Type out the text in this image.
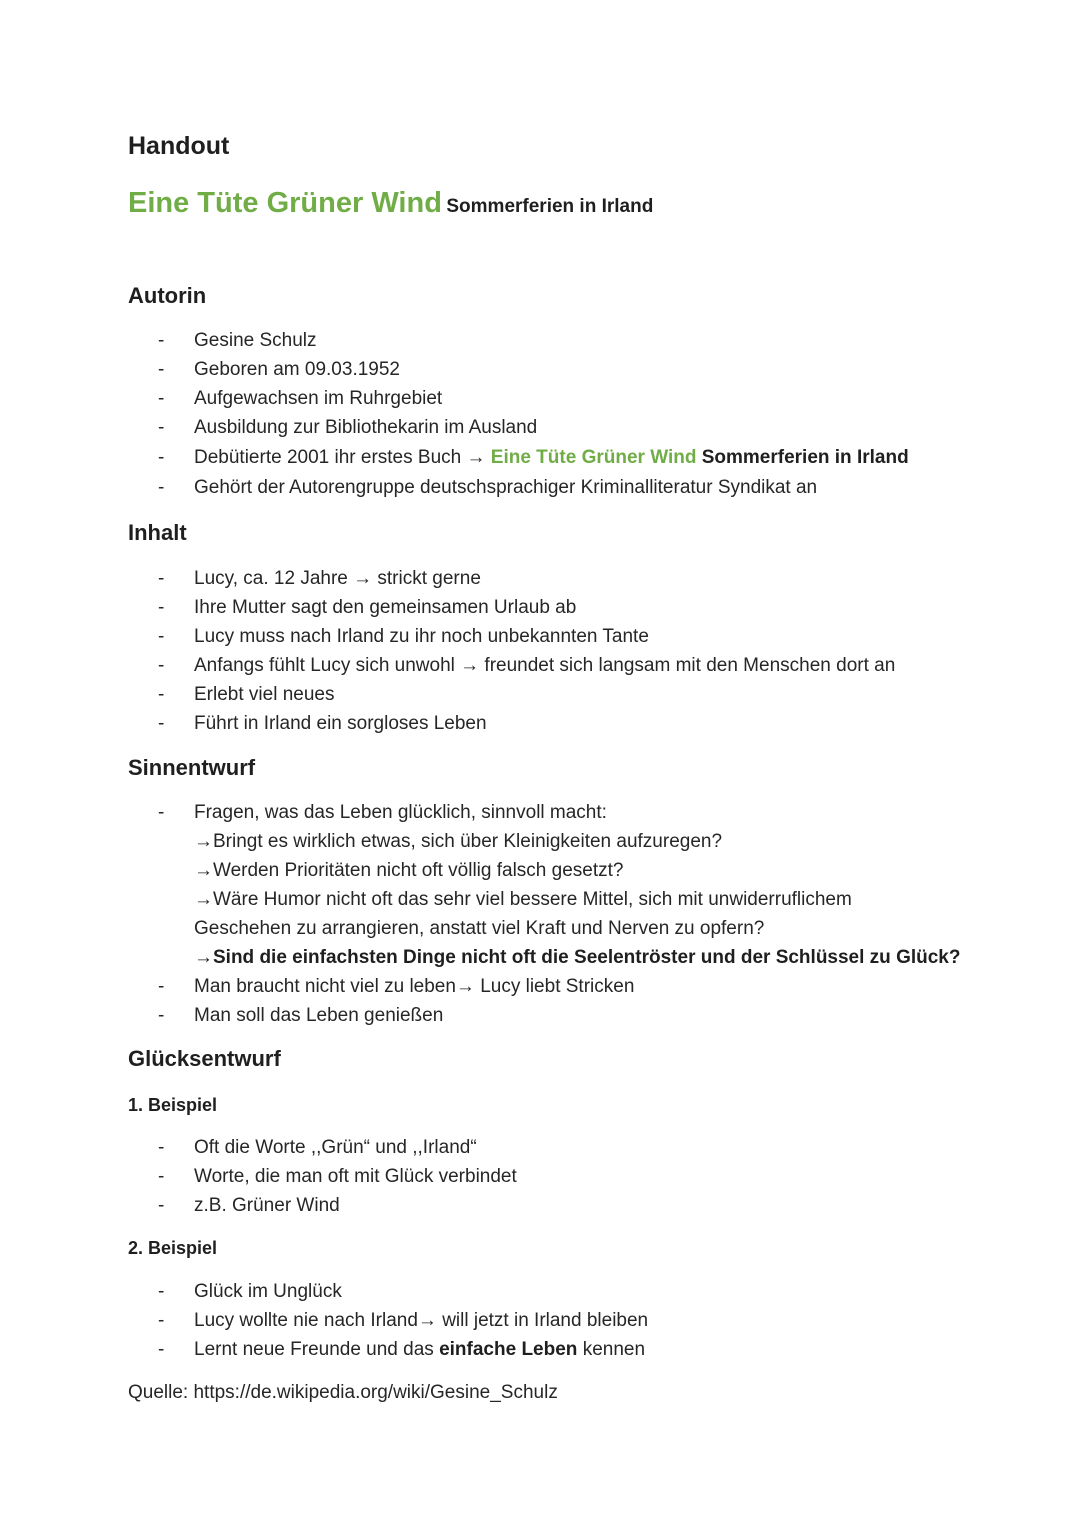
Handout

Eine Tüte Grüner Wind Sommerferien in Irland

Autorin
- Gesine Schulz
- Geboren am 09.03.1952
- Aufgewachsen im Ruhrgebiet
- Ausbildung zur Bibliothekarin im Ausland
- Debütierte 2001 ihr erstes Buch → Eine Tüte Grüner Wind Sommerferien in Irland
- Gehört der Autorengruppe deutschsprachiger Kriminalliteratur Syndikat an
Inhalt
- Lucy, ca. 12 Jahre → strickt gerne
- Ihre Mutter sagt den gemeinsamen Urlaub ab
- Lucy muss nach Irland zu ihr noch unbekannten Tante
- Anfangs fühlt Lucy sich unwohl → freundet sich langsam mit den Menschen dort an
- Erlebt viel neues
- Führt in Irland ein sorgloses Leben
Sinnentwurf
- Fragen, was das Leben glücklich, sinnvoll macht:
→Bringt es wirklich etwas, sich über Kleinigkeiten aufzuregen?
→Werden Prioritäten nicht oft völlig falsch gesetzt?
→Wäre Humor nicht oft das sehr viel bessere Mittel, sich mit unwiderruflichem
Geschehen zu arrangieren, anstatt viel Kraft und Nerven zu opfern?
→Sind die einfachsten Dinge nicht oft die Seelentröster und der Schlüssel zu Glück?
- Man braucht nicht viel zu leben→ Lucy liebt Stricken
- Man soll das Leben genießen
Glücksentwurf
1. Beispiel
- Oft die Worte ,,Grün“ und ,,Irland“
- Worte, die man oft mit Glück verbindet
- z.B. Grüner Wind
2. Beispiel
- Glück im Unglück
- Lucy wollte nie nach Irland→ will jetzt in Irland bleiben
- Lernt neue Freunde und das einfache Leben kennen

Quelle: https://de.wikipedia.org/wiki/Gesine_Schulz
